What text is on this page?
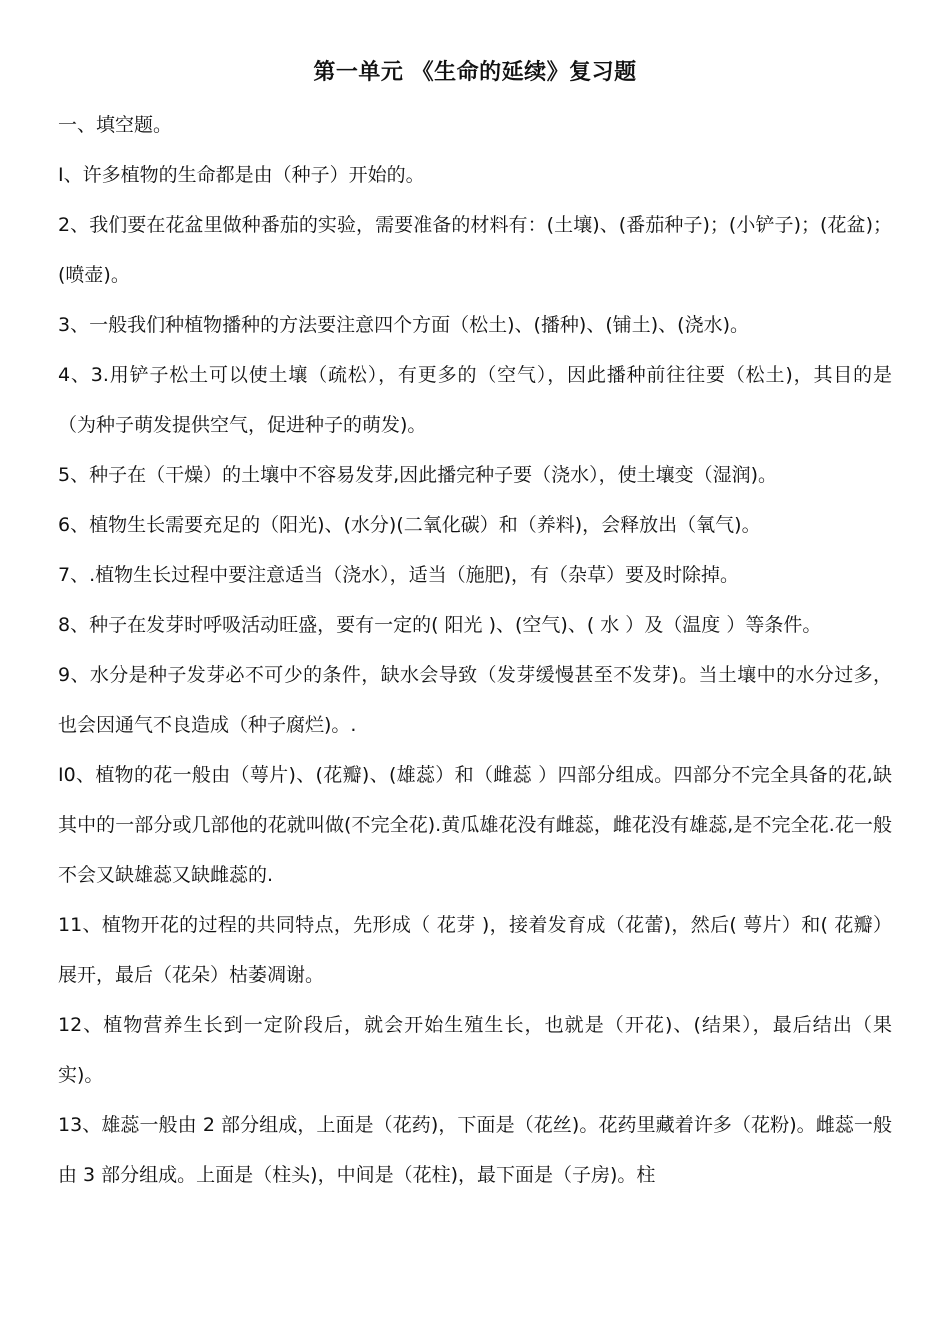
第一单元 《生命的延续》复习题
一、填空题。

I、许多植物的生命都是由（种子）开始的。

2、我们要在花盆里做种番茄的实验，需要准备的材料有：(土壤)、(番茄种子)；(小铲子)；(花盆)；(喷壶)。

3、一般我们种植物播种的方法要注意四个方面（松土)、(播种)、(铺土)、(浇水)。

4、3.用铲子松土可以使土壤（疏松），有更多的（空气），因此播种前往往要（松土)，其目的是（为种子萌发提供空气，促进种子的萌发)。

5、种子在（干燥）的土壤中不容易发芽,因此播完种子要（浇水），使土壤变（湿润)。

6、植物生长需要充足的（阳光)、(水分)(二氧化碳）和（养料)，会释放出（氧气)。

7、.植物生长过程中要注意适当（浇水），适当（施肥)，有（杂草）要及时除掉。

8、种子在发芽时呼吸活动旺盛，要有一定的( 阳光 )、(空气)、( 水 ）及（温度 ）等条件。

9、水分是种子发芽必不可少的条件，缺水会导致（发芽缓慢甚至不发芽)。当土壤中的水分过多，也会因通气不良造成（种子腐烂)。.

I0、植物的花一般由（萼片)、(花瓣)、(雄蕊）和（雌蕊 ）四部分组成。四部分不完全具备的花,缺其中的一部分或几部他的花就叫做(不完全花).黄瓜雄花没有雌蕊，雌花没有雄蕊,是不完全花.花一般不会又缺雄蕊又缺雌蕊的.

11、植物开花的过程的共同特点，先形成（ 花芽 )，接着发育成（花蕾)，然后( 萼片）和( 花瓣）展开，最后（花朵）枯萎凋谢。

12、植物营养生长到一定阶段后，就会开始生殖生长，也就是（开花)、(结果），最后结出（果实)。

13、雄蕊一般由 2 部分组成，上面是（花药)，下面是（花丝)。花药里藏着许多（花粉)。雌蕊一般由 3 部分组成。上面是（柱头)，中间是（花柱)，最下面是（子房)。柱
